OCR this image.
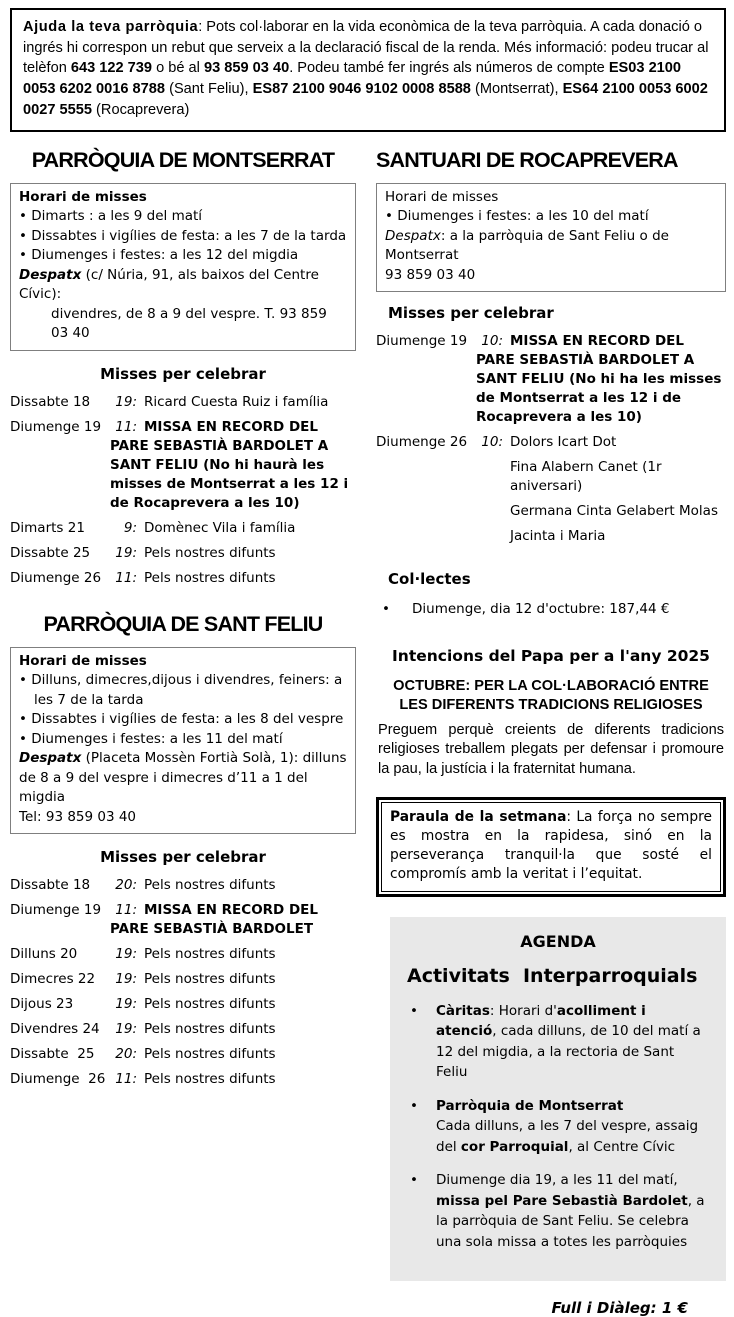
Ajuda la teva parròquia: Pots col·laborar en la vida econòmica de la teva parròquia. A cada donació o ingrés hi correspon un rebut que serveix a la declaració fiscal de la renda. Més informació: podeu trucar al telèfon 643 122 739 o bé al 93 859 03 40. Podeu també fer ingrés als números de compte ES03 2100 0053 6202 0016 8788 (Sant Feliu), ES87 2100 9046 9102 0008 8588 (Montserrat), ES64 2100 0053 6002 0027 5555 (Rocaprevera)
PARRÒQUIA DE MONTSERRAT
Horari de misses
• Dimarts : a les 9 del matí
• Dissabtes i vigílies de festa: a les 7 de la tarda
• Diumenges i festes: a les 12 del migdia
Despatx (c/ Núria, 91, als baixos del Centre Cívic):
divendres, de 8 a 9 del vespre. T. 93 859 03 40
Misses per celebrar
Dissabte 18	19: Ricard Cuesta Ruiz i família
Diumenge 19	11: MISSA EN RECORD DEL PARE SEBASTIÀ BARDOLET A SANT FELIU (No hi haurà les misses de Montserrat a les 12 i de Rocaprevera a les 10)
Dimarts 21	9: Domènec Vila i família
Dissabte 25	19: Pels nostres difunts
Diumenge 26	11: Pels nostres difunts
PARRÒQUIA DE SANT FELIU
Horari de misses
• Dilluns, dimecres,dijous i divendres, feiners: a les 7 de la tarda
• Dissabtes i vigílies de festa: a les 8 del vespre
• Diumenges i festes: a les 11 del matí
Despatx (Placeta Mossèn Fortià Solà, 1): dilluns de 8 a 9 del vespre i dimecres d’11 a 1 del migdia
Tel: 93 859 03 40
Misses per celebrar
Dissabte 18	20: Pels nostres difunts
Diumenge 19	11: MISSA EN RECORD DEL PARE SEBASTIÀ BARDOLET
Dilluns 20	19: Pels nostres difunts
Dimecres 22	19: Pels nostres difunts
Dijous 23	19: Pels nostres difunts
Divendres 24	19: Pels nostres difunts
Dissabte  25	20: Pels nostres difunts
Diumenge  26 11: Pels nostres difunts
SANTUARI DE ROCAPREVERA
Horari de misses
• Diumenges i festes: a les 10 del matí
Despatx: a la parròquia de Sant Feliu o de Montserrat
93 859 03 40
Misses per celebrar
Diumenge 19	10: MISSA EN RECORD DEL PARE SEBASTIÀ BARDOLET A SANT FELIU (No hi ha les misses de Montserrat a les 12 i de Rocaprevera a les 10)
Diumenge 26	10: Dolors Icart Dot
Fina Alabern Canet (1r aniversari)
Germana Cinta Gelabert Molas
Jacinta i Maria
Col·lectes
•	Diumenge, dia 12 d'octubre: 187,44 €
Intencions del Papa per a l'any 2025
OCTUBRE: PER LA COL·LABORACIÓ ENTRE LES DIFERENTS TRADICIONS RELIGIOSES
Preguem perquè creients de diferents tradicions religioses treballem plegats per defensar i promoure la pau, la justícia i la fraternitat humana.
Paraula de la setmana: La força no sempre es mostra en la rapidesa, sinó en la perseverança tranquil·la que sosté el compromís amb la veritat i l’equitat.
AGENDA
Activitats  Interparroquials
•	Càritas: Horari d'acolliment i atenció, cada dilluns, de 10 del matí a 12 del migdia, a la rectoria de Sant Feliu
•	Parròquia de Montserrat
Cada dilluns, a les 7 del vespre, assaig del cor Parroquial, al Centre Cívic
•	Diumenge dia 19, a les 11 del matí, missa pel Pare Sebastià Bardolet, a la parròquia de Sant Feliu. Se celebra una sola missa a totes les parròquies
Full i Diàleg: 1 €
